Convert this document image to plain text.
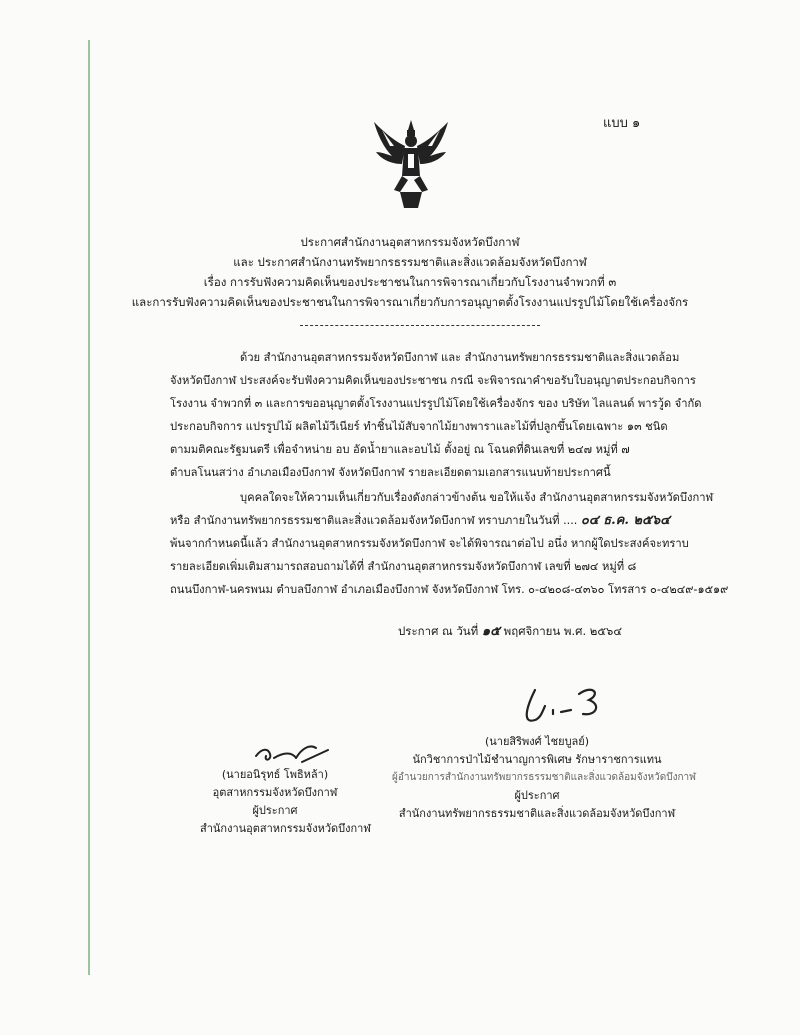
แบบ ๑
ประกาศสำนักงานอุตสาหกรรมจังหวัดบึงกาฬ
และ ประกาศสำนักงานทรัพยากรธรรมชาติและสิ่งแวดล้อมจังหวัดบึงกาฬ
เรื่อง การรับฟังความคิดเห็นของประชาชนในการพิจารณาเกี่ยวกับโรงงานจำพวกที่ ๓
และการรับฟังความคิดเห็นของประชาชนในการพิจารณาเกี่ยวกับการอนุญาตตั้งโรงงานแปรรูปไม้โดยใช้เครื่องจักร
ด้วย สำนักงานอุตสาหกรรมจังหวัดบึงกาฬ และ สำนักงานทรัพยากรธรรมชาติและสิ่งแวดล้อม
จังหวัดบึงกาฬ ประสงค์จะรับฟังความคิดเห็นของประชาชน กรณี จะพิจารณาคำขอรับใบอนุญาตประกอบกิจการ
โรงงาน จำพวกที่ ๓ และการขออนุญาตตั้งโรงงานแปรรูปไม้โดยใช้เครื่องจักร ของ บริษัท ไลแลนด์ พารวู้ด จำกัด
ประกอบกิจการ แปรรูปไม้ ผลิตไม้วีเนียร์ ทำชิ้นไม้สับจากไม้ยางพาราและไม้ที่ปลูกขึ้นโดยเฉพาะ ๑๓ ชนิด
ตามมติคณะรัฐมนตรี เพื่อจำหน่าย อบ อัดน้ำยาและอบไม้ ตั้งอยู่ ณ โฉนดที่ดินเลขที่ ๒๔๗ หมู่ที่ ๗
ตำบลโนนสว่าง อำเภอเมืองบึงกาฬ จังหวัดบึงกาฬ รายละเอียดตามเอกสารแนบท้ายประกาศนี้
บุคคลใดจะให้ความเห็นเกี่ยวกับเรื่องดังกล่าวข้างต้น ขอให้แจ้ง สำนักงานอุตสาหกรรมจังหวัดบึงกาฬ
หรือ สำนักงานทรัพยากรธรรมชาติและสิ่งแวดล้อมจังหวัดบึงกาฬ ทราบภายในวันที่ .... ๐๔ ธ.ค. ๒๕๖๔
พ้นจากกำหนดนี้แล้ว สำนักงานอุตสาหกรรมจังหวัดบึงกาฬ จะได้พิจารณาต่อไป อนึ่ง หากผู้ใดประสงค์จะทราบ
รายละเอียดเพิ่มเติมสามารถสอบถามได้ที่ สำนักงานอุตสาหกรรมจังหวัดบึงกาฬ เลขที่ ๒๗๔ หมู่ที่ ๘
ถนนบึงกาฬ-นครพนม ตำบลบึงกาฬ อำเภอเมืองบึงกาฬ จังหวัดบึงกาฬ โทร. ๐-๔๒๐๘-๔๓๖๐ โทรสาร ๐-๔๒๔๙-๑๕๑๙
ประกาศ ณ วันที่ ๑๕ พฤศจิกายน พ.ศ. ๒๕๖๔
(นายอนิรุทธ์ โพธิหล้า)
อุตสาหกรรมจังหวัดบึงกาฬ
ผู้ประกาศ
สำนักงานอุตสาหกรรมจังหวัดบึงกาฬ
(นายสิริพงศ์ ไชยบูลย์)
นักวิชาการป่าไม้ชำนาญการพิเศษ รักษาราชการแทน
ผู้อำนวยการสำนักงานทรัพยากรธรรมชาติและสิ่งแวดล้อมจังหวัดบึงกาฬ
ผู้ประกาศ
สำนักงานทรัพยากรธรรมชาติและสิ่งแวดล้อมจังหวัดบึงกาฬ
